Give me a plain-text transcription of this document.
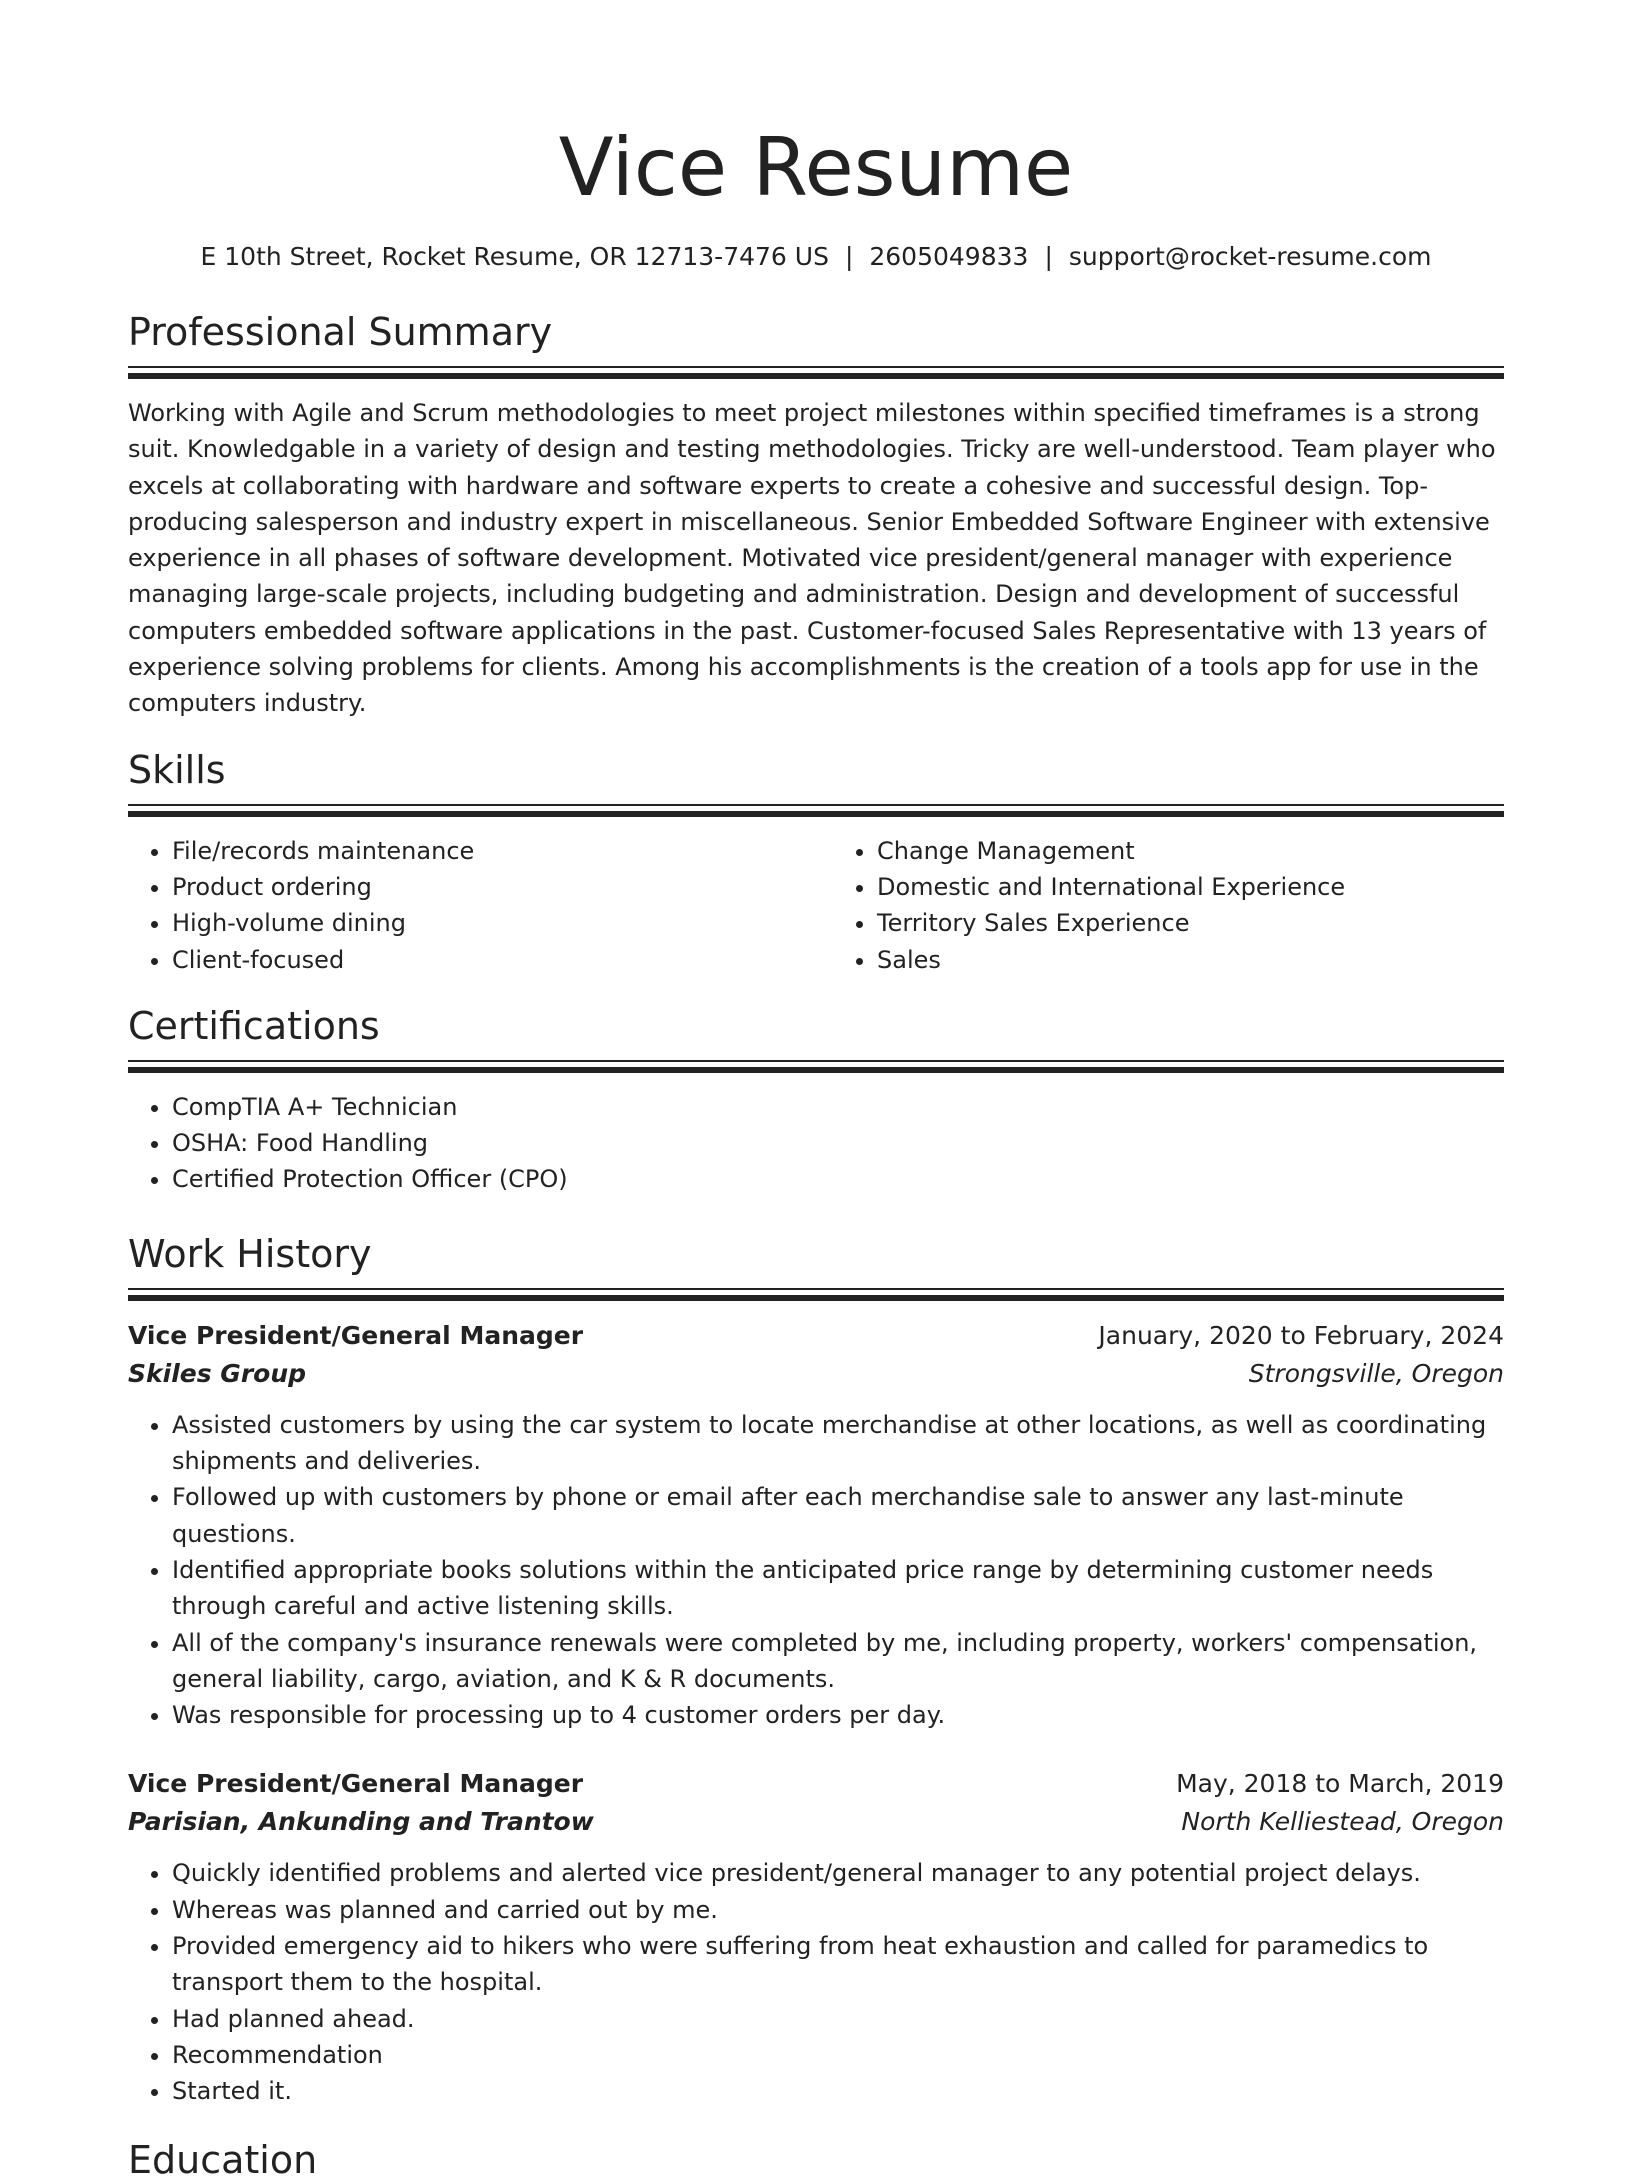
Vice Resume
E 10th Street, Rocket Resume, OR 12713-7476 US | 2605049833 | support@rocket-resume.com
Professional Summary
Working with Agile and Scrum methodologies to meet project milestones within specified timeframes is a strong suit. Knowledgable in a variety of design and testing methodologies. Tricky are well-understood. Team player who excels at collaborating with hardware and software experts to create a cohesive and successful design. Top-producing salesperson and industry expert in miscellaneous. Senior Embedded Software Engineer with extensive experience in all phases of software development. Motivated vice president/general manager with experience managing large-scale projects, including budgeting and administration. Design and development of successful computers embedded software applications in the past. Customer-focused Sales Representative with 13 years of experience solving problems for clients. Among his accomplishments is the creation of a tools app for use in the computers industry.
Skills
• File/records maintenance
• Product ordering
• High-volume dining
• Client-focused
• Change Management
• Domestic and International Experience
• Territory Sales Experience
• Sales
Certifications
• CompTIA A+ Technician
• OSHA: Food Handling
• Certified Protection Officer (CPO)
Work History
Vice President/General Manager	January, 2020 to February, 2024
Skiles Group	Strongsville, Oregon
• Assisted customers by using the car system to locate merchandise at other locations, as well as coordinating shipments and deliveries.
• Followed up with customers by phone or email after each merchandise sale to answer any last-minute questions.
• Identified appropriate books solutions within the anticipated price range by determining customer needs through careful and active listening skills.
• All of the company's insurance renewals were completed by me, including property, workers' compensation, general liability, cargo, aviation, and K & R documents.
• Was responsible for processing up to 4 customer orders per day.
Vice President/General Manager	May, 2018 to March, 2019
Parisian, Ankunding and Trantow	North Kelliestead, Oregon
• Quickly identified problems and alerted vice president/general manager to any potential project delays.
• Whereas was planned and carried out by me.
• Provided emergency aid to hikers who were suffering from heat exhaustion and called for paramedics to transport them to the hospital.
• Had planned ahead.
• Recommendation
• Started it.
Education
